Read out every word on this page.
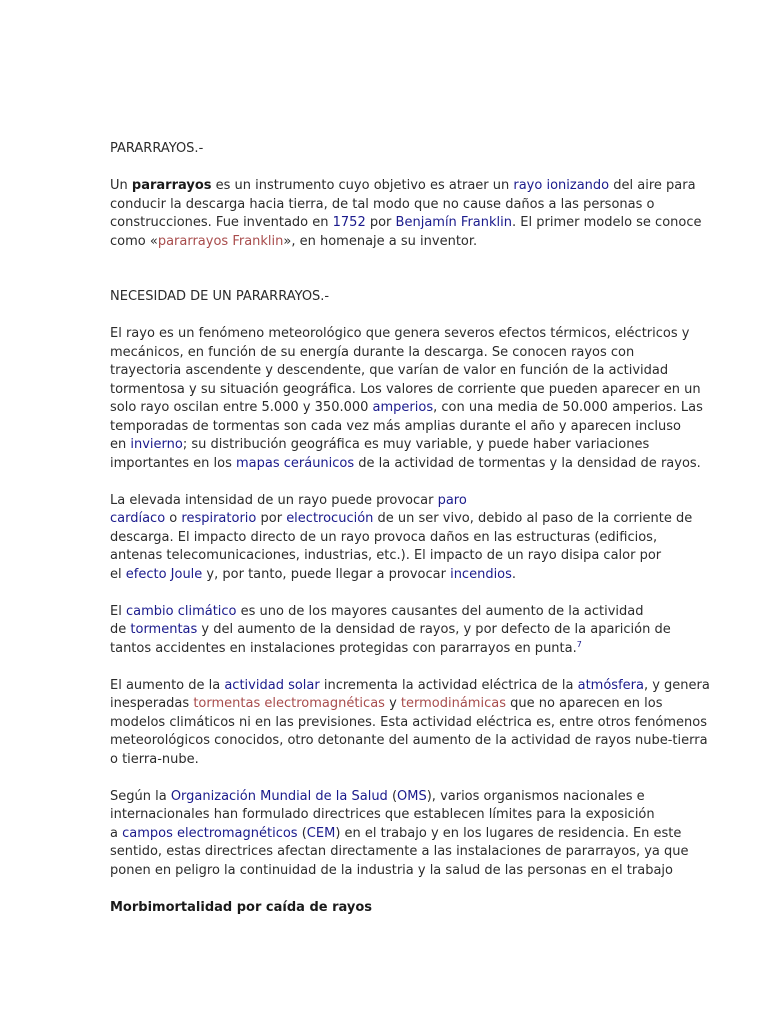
PARARRAYOS.-
Un pararrayos es un instrumento cuyo objetivo es atraer un rayo ionizando del aire para
conducir la descarga hacia tierra, de tal modo que no cause daños a las personas o
construcciones. Fue inventado en 1752 por Benjamín Franklin. El primer modelo se conoce
como «pararrayos Franklin», en homenaje a su inventor.
NECESIDAD DE UN PARARRAYOS.-
El rayo es un fenómeno meteorológico que genera severos efectos térmicos, eléctricos y
mecánicos, en función de su energía durante la descarga. Se conocen rayos con
trayectoria ascendente y descendente, que varían de valor en función de la actividad
tormentosa y su situación geográfica. Los valores de corriente que pueden aparecer en un
solo rayo oscilan entre 5.000 y 350.000 amperios, con una media de 50.000 amperios. Las
temporadas de tormentas son cada vez más amplias durante el año y aparecen incluso
en invierno; su distribución geográfica es muy variable, y puede haber variaciones
importantes en los mapas ceráunicos de la actividad de tormentas y la densidad de rayos.
La elevada intensidad de un rayo puede provocar paro
cardíaco o respiratorio por electrocución de un ser vivo, debido al paso de la corriente de
descarga. El impacto directo de un rayo provoca daños en las estructuras (edificios,
antenas telecomunicaciones, industrias, etc.). El impacto de un rayo disipa calor por
el efecto Joule y, por tanto, puede llegar a provocar incendios.
El cambio climático es uno de los mayores causantes del aumento de la actividad
de tormentas y del aumento de la densidad de rayos, y por defecto de la aparición de
tantos accidentes en instalaciones protegidas con pararrayos en punta.$^7$
El aumento de la actividad solar incrementa la actividad eléctrica de la atmósfera, y genera
inesperadas tormentas electromagnéticas y termodinámicas que no aparecen en los
modelos climáticos ni en las previsiones. Esta actividad eléctrica es, entre otros fenómenos
meteorológicos conocidos, otro detonante del aumento de la actividad de rayos nube-tierra
o tierra-nube.
Según la Organización Mundial de la Salud (OMS), varios organismos nacionales e
internacionales han formulado directrices que establecen límites para la exposición
a campos electromagnéticos (CEM) en el trabajo y en los lugares de residencia. En este
sentido, estas directrices afectan directamente a las instalaciones de pararrayos, ya que
ponen en peligro la continuidad de la industria y la salud de las personas en el trabajo
Morbimortalidad por caída de rayos
